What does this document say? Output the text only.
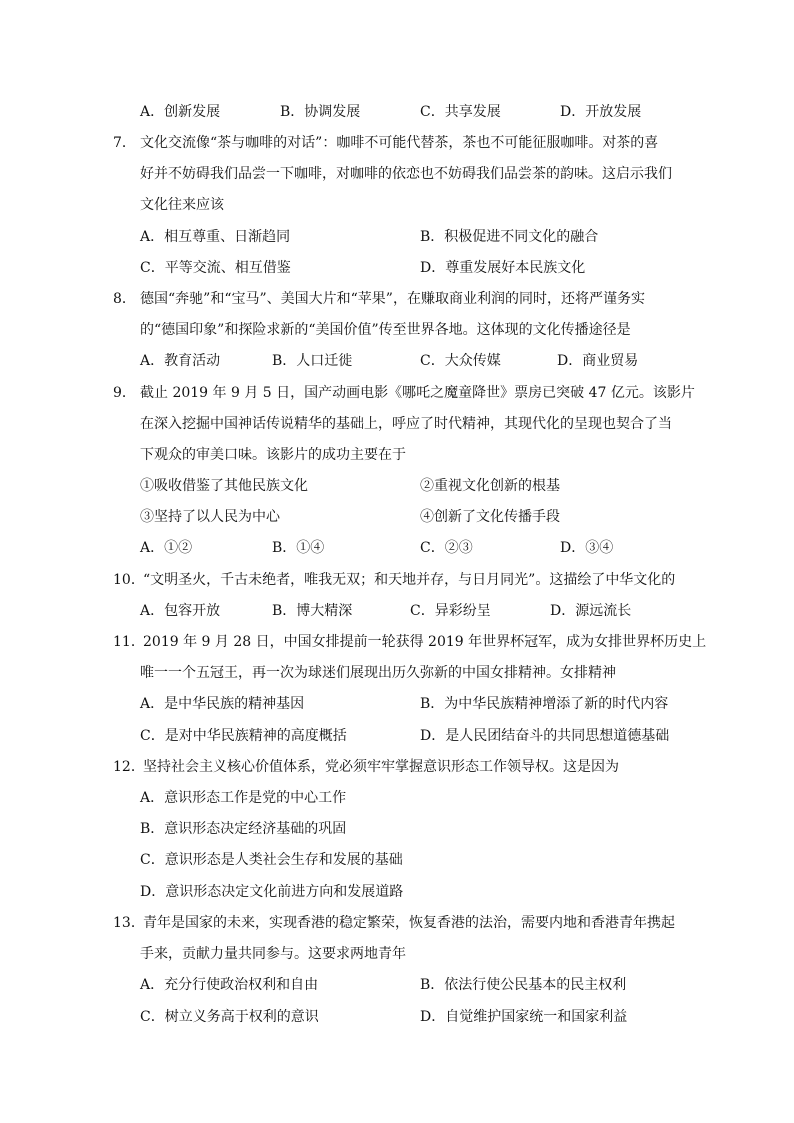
A．创新发展	B．协调发展	C．共享发展	D．开放发展
7． 文化交流像“茶与咖啡的对话”：咖啡不可能代替茶，茶也不可能征服咖啡。对茶的喜
好并不妨碍我们品尝一下咖啡，对咖啡的依恋也不妨碍我们品尝茶的韵味。这启示我们
文化往来应该
A．相互尊重、日渐趋同	B．积极促进不同文化的融合
C．平等交流、相互借鉴	D．尊重发展好本民族文化
8． 德国“奔驰”和“宝马”、美国大片和“苹果”，在赚取商业利润的同时，还将严谨务实
的“德国印象”和探险求新的“美国价值”传至世界各地。这体现的文化传播途径是
A．教育活动	B．人口迁徙	C．大众传媒	D．商业贸易
9． 截止 2019 年 9 月 5 日，国产动画电影《哪吒之魔童降世》票房已突破 47 亿元。该影片
在深入挖掘中国神话传说精华的基础上，呼应了时代精神，其现代化的呈现也契合了当
下观众的审美口味。该影片的成功主要在于
①吸收借鉴了其他民族文化	②重视文化创新的根基
③坚持了以人民为中心	④创新了文化传播手段
A．①②	B．①④	C．②③	D．③④
10．
“文明圣火，千古未绝者，唯我无双；和天地并存，与日月同光”。这描绘了中华文化的
A．包容开放	B．博大精深	C．异彩纷呈	D．源远流长
11．
2019 年 9 月 28 日，中国女排提前一轮获得 2019 年世界杯冠军，成为女排世界杯历史上
唯一一个五冠王，再一次为球迷们展现出历久弥新的中国女排精神。女排精神
A．是中华民族的精神基因	B．为中华民族精神增添了新的时代内容
C．是对中华民族精神的高度概括	D．是人民团结奋斗的共同思想道德基础
12．
坚持社会主义核心价值体系，党必须牢牢掌握意识形态工作领导权。这是因为
A．意识形态工作是党的中心工作
B．意识形态决定经济基础的巩固
C．意识形态是人类社会生存和发展的基础
D．意识形态决定文化前进方向和发展道路
13．
青年是国家的未来，实现香港的稳定繁荣，恢复香港的法治，需要内地和香港青年携起
手来，贡献力量共同参与。这要求两地青年
A．充分行使政治权利和自由	B．依法行使公民基本的民主权利
C．树立义务高于权利的意识	D．自觉维护国家统一和国家利益
